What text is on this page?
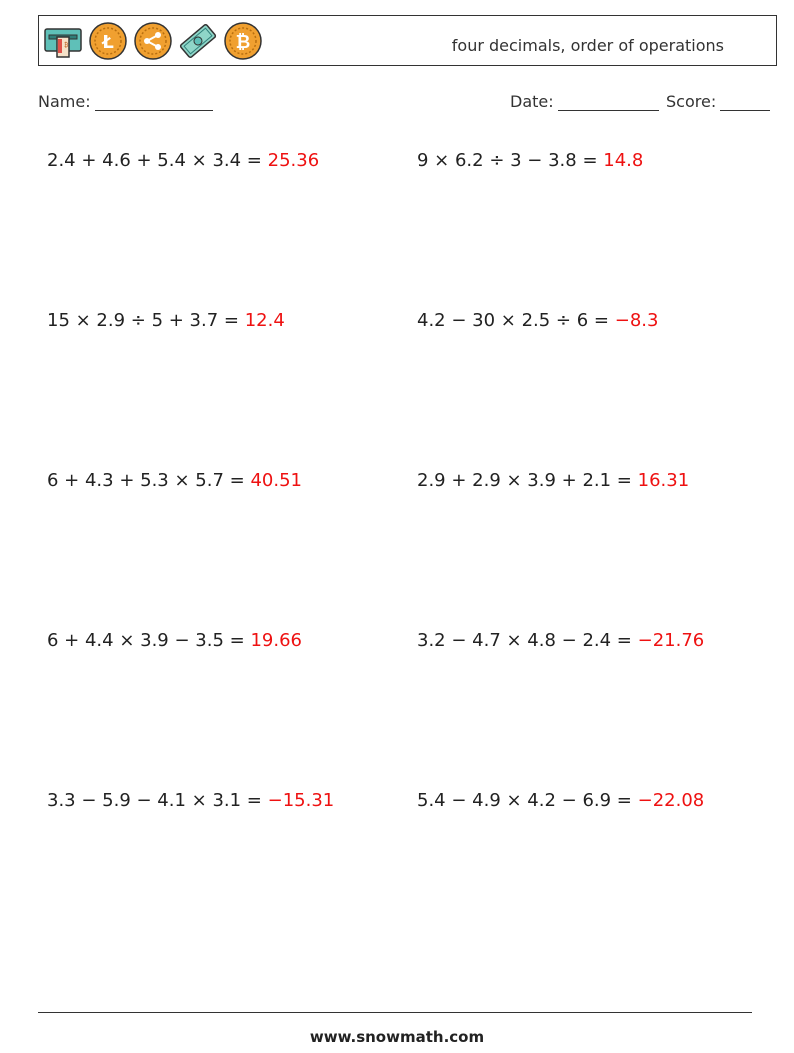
₿ Ł	₿	four decimals, order of operations
Name:	Date:	Score:
2.4 + 4.6 + 5.4 × 3.4 = 25.36	9 × 6.2 ÷ 3 − 3.8 = 14.8
15 × 2.9 ÷ 5 + 3.7 = 12.4	4.2 − 30 × 2.5 ÷ 6 = −8.3
6 + 4.3 + 5.3 × 5.7 = 40.51	2.9 + 2.9 × 3.9 + 2.1 = 16.31
6 + 4.4 × 3.9 − 3.5 = 19.66	3.2 − 4.7 × 4.8 − 2.4 = −21.76
3.3 − 5.9 − 4.1 × 3.1 = −15.31	5.4 − 4.9 × 4.2 − 6.9 = −22.08
www.snowmath.com
